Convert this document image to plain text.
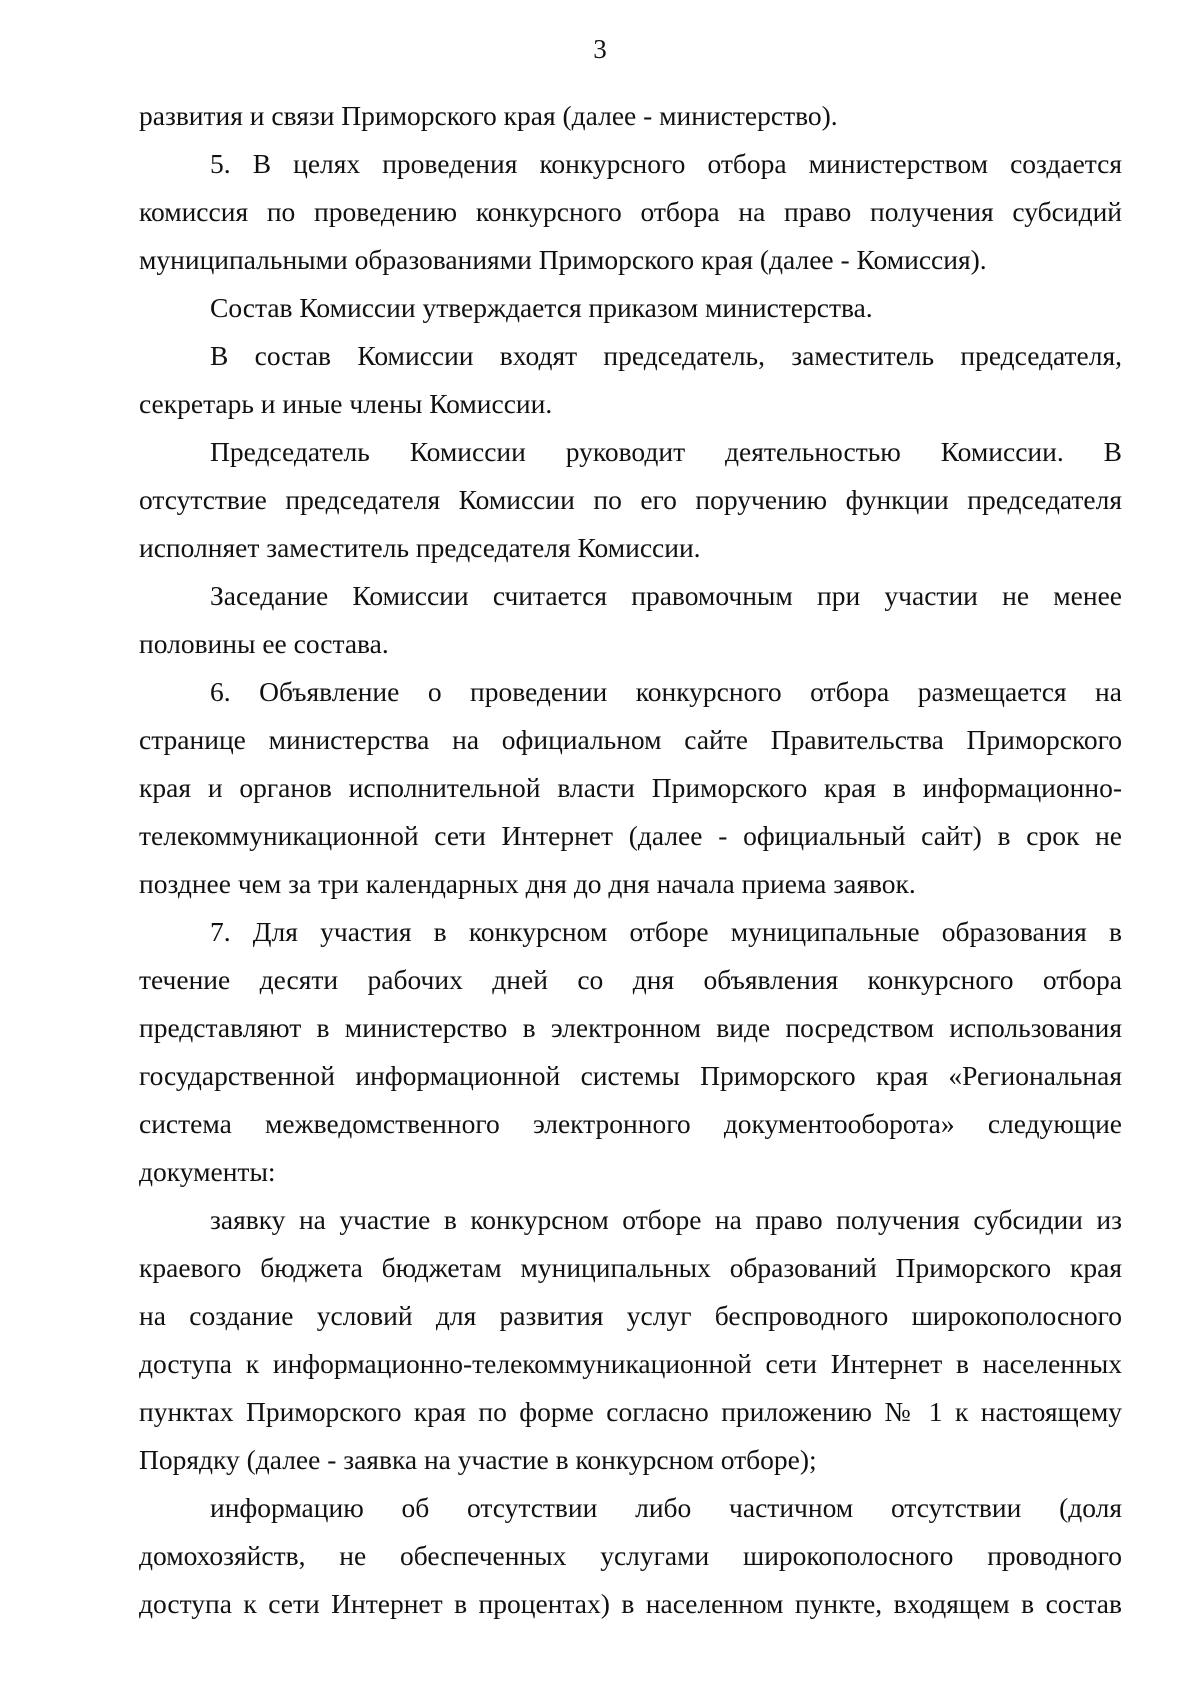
3
развития и связи Приморского края (далее - министерство).
5. В целях проведения конкурсного отбора министерством создается
комиссия по проведению конкурсного отбора на право получения субсидий
муниципальными образованиями Приморского края (далее - Комиссия).
Состав Комиссии утверждается приказом министерства.
В состав Комиссии входят председатель, заместитель председателя,
секретарь и иные члены Комиссии.
Председатель Комиссии руководит деятельностью Комиссии. В
отсутствие председателя Комиссии по его поручению функции председателя
исполняет заместитель председателя Комиссии.
Заседание Комиссии считается правомочным при участии не менее
половины ее состава.
6. Объявление о проведении конкурсного отбора размещается на
странице министерства на официальном сайте Правительства Приморского
края и органов исполнительной власти Приморского края в информационно-
телекоммуникационной сети Интернет (далее - официальный сайт) в срок не
позднее чем за три календарных дня до дня начала приема заявок.
7. Для участия в конкурсном отборе муниципальные образования в
течение десяти рабочих дней со дня объявления конкурсного отбора
представляют в министерство в электронном виде посредством использования
государственной информационной системы Приморского края «Региональная
система межведомственного электронного документооборота» следующие
документы:
заявку на участие в конкурсном отборе на право получения субсидии из
краевого бюджета бюджетам муниципальных образований Приморского края
на создание условий для развития услуг беспроводного широкополосного
доступа к информационно-телекоммуникационной сети Интернет в населенных
пунктах Приморского края по форме согласно приложению № 1 к настоящему
Порядку (далее - заявка на участие в конкурсном отборе);
информацию об отсутствии либо частичном отсутствии (доля
домохозяйств, не обеспеченных услугами широкополосного проводного
доступа к сети Интернет в процентах) в населенном пункте, входящем в состав
